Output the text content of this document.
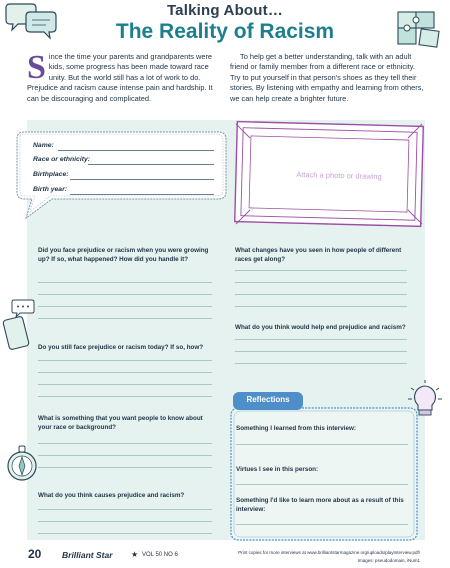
Talking About…
The Reality of Racism
Since the time your parents and grandparents were kids, some progress has been made toward race unity. But the world still has a lot of work to do. Prejudice and racism cause intense pain and hardship. It can be discouraging and complicated.
To help get a better understanding, talk with an adult friend or family member from a different race or ethnicity. Try to put yourself in that person's shoes as they tell their stories. By listening with empathy and learning from others, we can help create a brighter future.
Name:
Race or ethnicity:
Birthplace:
Birth year:
Attach a photo or drawing
Did you face prejudice or racism when you were growing up? If so, what happened? How did you handle it?
Do you still face prejudice or racism today? If so, how?
What is something that you want people to know about your race or background?
What do you think causes prejudice and racism?
What changes have you seen in how people of different races get along?
What do you think would help end prejudice and racism?
Reflections
Something I learned from this interview:
Virtues I see in this person:
Something I'd like to learn more about as a result of this interview:
20 Brilliant Star ★ VOL 50 NO 6	Print copies for more interviews at www.brilliantstarmagazine.org/uploads/playInterview.pdf!
Images: pseudodomain, iNum1
